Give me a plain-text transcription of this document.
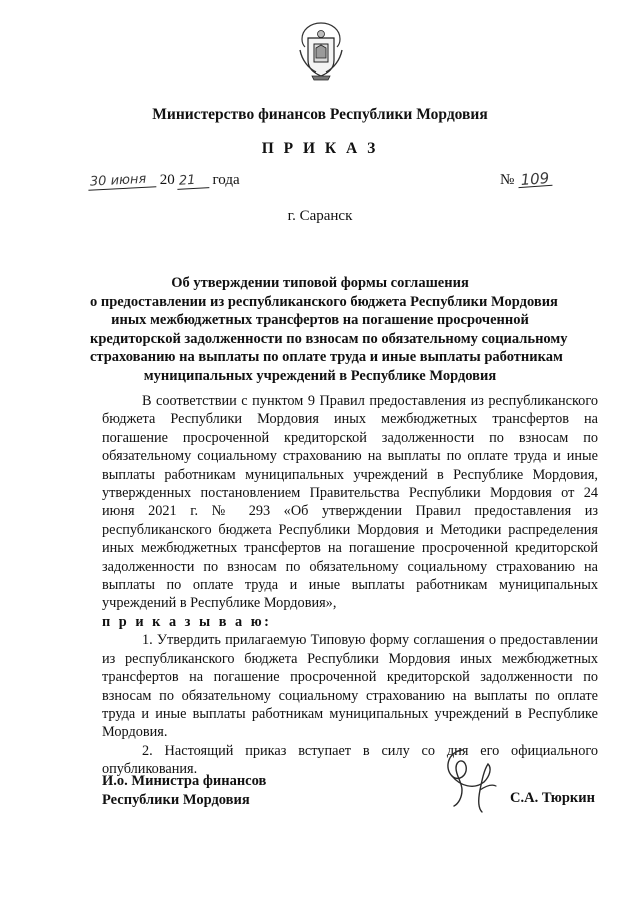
Министерство финансов Республики Мордовия
П Р И К А З
30 июня 20 21 года	№ 109
г. Саранск
Об утверждении типовой формы соглашения
о предоставлении из республиканского бюджета Республики Мордовия
иных межбюджетных трансфертов на погашение просроченной
кредиторской задолженности по взносам по обязательному социальному
страхованию на выплаты по оплате труда и иные выплаты работникам
муниципальных учреждений в Республике Мордовия

В соответствии с пунктом 9 Правил предоставления из республиканского бюджета Республики Мордовия иных межбюджетных трансфертов на погашение просроченной кредиторской задолженности по взносам по обязательному социальному страхованию на выплаты по оплате труда и иные выплаты работникам муниципальных учреждений в Республике Мордовия, утвержденных постановлением Правительства Республики Мордовия от 24 июня 2021 г. № 293 «Об утверждении Правил предоставления из республиканского бюджета Республики Мордовия и Методики распределения иных межбюджетных трансфертов на погашение просроченной кредиторской задолженности по взносам по обязательному социальному страхованию на выплаты по оплате труда и иные выплаты работникам муниципальных учреждений в Республике Мордовия»,

п р и к а з ы в а ю:

1. Утвердить прилагаемую Типовую форму соглашения о предоставлении из республиканского бюджета Республики Мордовия иных межбюджетных трансфертов на погашение просроченной кредиторской задолженности по взносам по обязательному социальному страхованию на выплаты по оплате труда и иные выплаты работникам муниципальных учреждений в Республике Мордовия.

2. Настоящий приказ вступает в силу со дня его официального опубликования.

И.о. Министра финансов
Республики Мордовия	С.А. Тюркин
